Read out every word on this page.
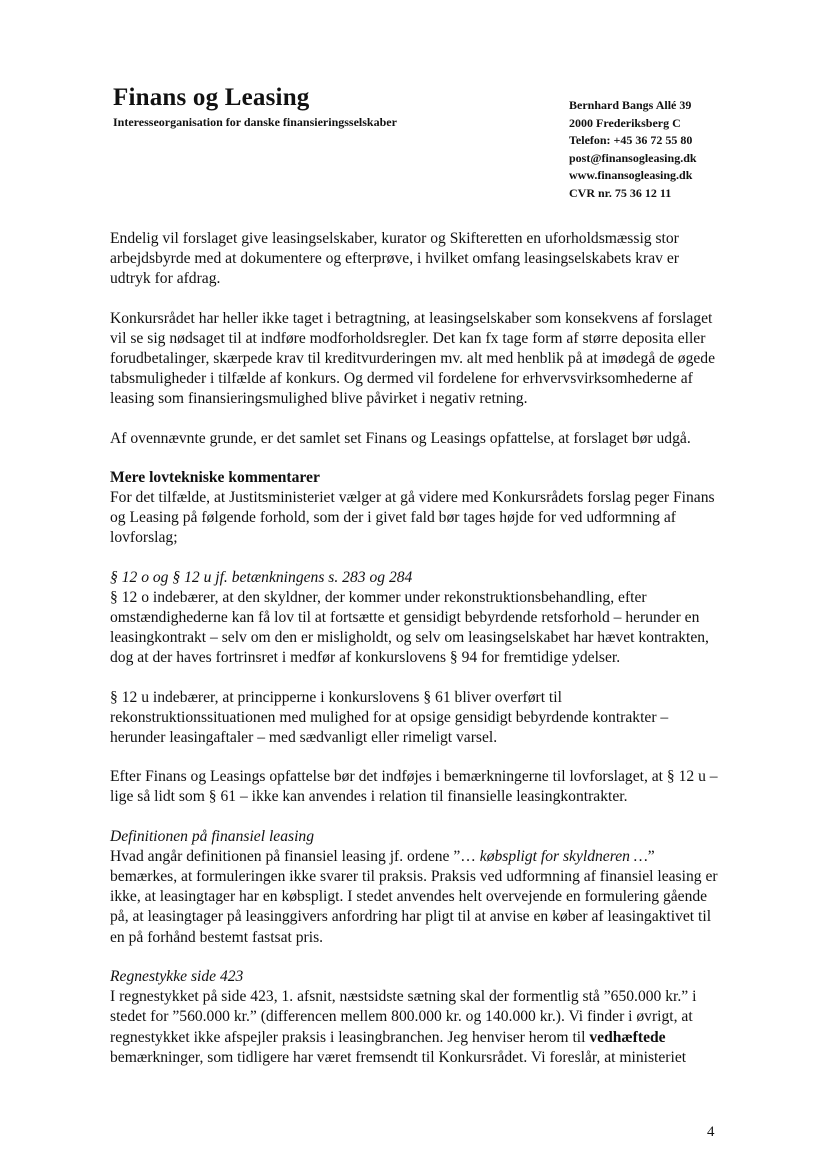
Finans og Leasing
Interesseorganisation for danske finansieringsselskaber
Bernhard Bangs Allé 39
2000 Frederiksberg C
Telefon: +45 36 72 55 80
post@finansogleasing.dk
www.finansogleasing.dk
CVR nr. 75 36 12 11

Endelig vil forslaget give leasingselskaber, kurator og Skifteretten en uforholdsmæssig stor arbejdsbyrde med at dokumentere og efterprøve, i hvilket omfang leasingselskabets krav er udtryk for afdrag.

Konkursrådet har heller ikke taget i betragtning, at leasingselskaber som konsekvens af forslaget vil se sig nødsaget til at indføre modforholdsregler. Det kan fx tage form af større deposita eller forudbetalinger, skærpede krav til kreditvurderingen mv. alt med henblik på at imødegå de øgede tabsmuligheder i tilfælde af konkurs. Og dermed vil fordelene for erhvervsvirksomhederne af leasing som finansieringsmulighed blive påvirket i negativ retning.

Af ovennævnte grunde, er det samlet set Finans og Leasings opfattelse, at forslaget bør udgå.

Mere lovtekniske kommentarer

For det tilfælde, at Justitsministeriet vælger at gå videre med Konkursrådets forslag peger Finans og Leasing på følgende forhold, som der i givet fald bør tages højde for ved udformning af lovforslag;

§ 12 o og § 12 u jf. betænkningens s. 283 og 284

§ 12 o indebærer, at den skyldner, der kommer under rekonstruktionsbehandling, efter omstændighederne kan få lov til at fortsætte et gensidigt bebyrdende retsforhold – herunder en leasingkontrakt – selv om den er misligholdt, og selv om leasingselskabet har hævet kontrakten, dog at der haves fortrinsret i medfør af konkurslovens § 94 for fremtidige ydelser.

§ 12 u indebærer, at principperne i konkurslovens § 61 bliver overført til rekonstruktionssituationen med mulighed for at opsige gensidigt bebyrdende kontrakter – herunder leasingaftaler – med sædvanligt eller rimeligt varsel.

Efter Finans og Leasings opfattelse bør det indføjes i bemærkningerne til lovforslaget, at § 12 u – lige så lidt som § 61 – ikke kan anvendes i relation til finansielle leasingkontrakter.

Definitionen på finansiel leasing

Hvad angår definitionen på finansiel leasing jf. ordene ”… købspligt for skyldneren …” bemærkes, at formuleringen ikke svarer til praksis. Praksis ved udformning af finansiel leasing er ikke, at leasingtager har en købspligt. I stedet anvendes helt overvejende en formulering gående på, at leasingtager på leasinggivers anfordring har pligt til at anvise en køber af leasingaktivet til en på forhånd bestemt fastsat pris.

Regnestykke side 423

I regnestykket på side 423, 1. afsnit, næstsidste sætning skal der formentlig stå ”650.000 kr.” i stedet for ”560.000 kr.” (differencen mellem 800.000 kr. og 140.000 kr.). Vi finder i øvrigt, at regnestykket ikke afspejler praksis i leasingbranchen. Jeg henviser herom til vedhæftede bemærkninger, som tidligere har været fremsendt til Konkursrådet. Vi foreslår, at ministeriet

4
